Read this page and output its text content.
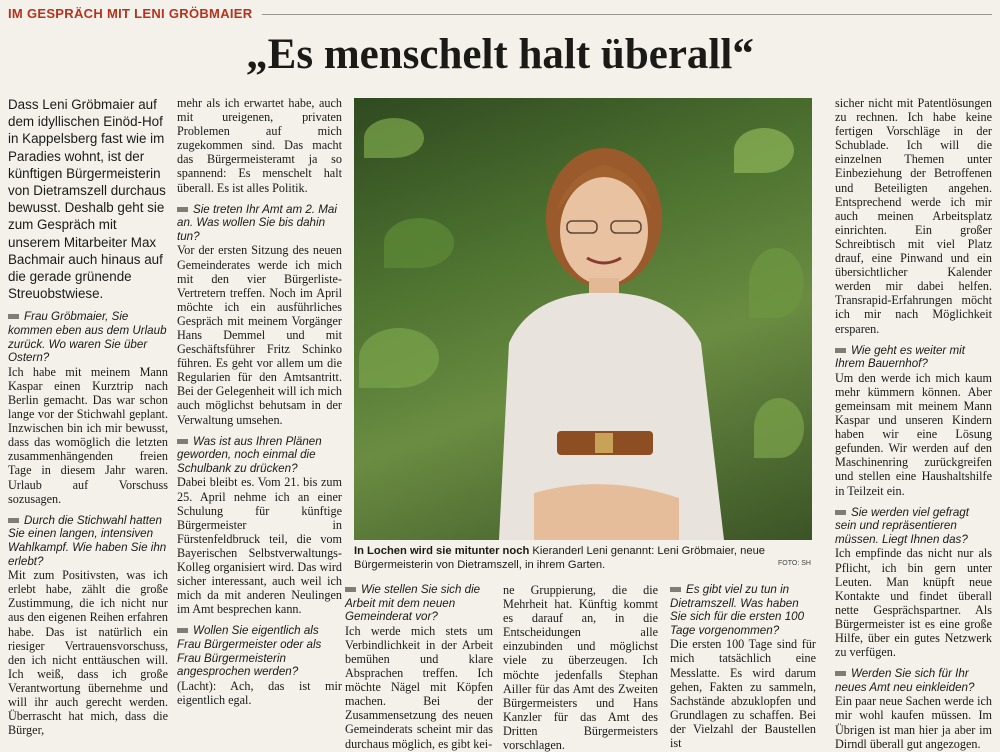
IM GESPRÄCH MIT LENI GRÖBMAIER
„Es menschelt halt überall“

Dass Leni Gröbmaier auf dem idyllischen Einöd-Hof in Kappelsberg fast wie im Paradies wohnt, ist der künftigen Bürgermeisterin von Dietramszell durchaus bewusst. Deshalb geht sie zum Gespräch mit unserem Mitarbeiter Max Bachmair auch hinaus auf die gerade grünende Streuobstwiese.

Frau Gröbmaier, Sie kommen eben aus dem Urlaub zurück. Wo waren Sie über Ostern?

Ich habe mit meinem Mann Kaspar einen Kurztrip nach Berlin gemacht. Das war schon lange vor der Stichwahl geplant. Inzwischen bin ich mir bewusst, dass das womöglich die letzten zusammenhängenden freien Tage in diesem Jahr waren. Urlaub auf Vorschuss sozusagen.

Durch die Stichwahl hatten Sie einen langen, intensiven Wahlkampf. Wie haben Sie ihn erlebt?

Mit zum Positivsten, was ich erlebt habe, zählt die große Zustimmung, die ich nicht nur aus den eigenen Reihen erfahren habe. Das ist natürlich ein riesiger Vertrauensvorschuss, den ich nicht enttäuschen will. Ich weiß, dass ich große Verantwortung übernehme und will ihr auch gerecht werden. Überrascht hat mich, dass die Bürger,

mehr als ich erwartet habe, auch mit ureigenen, privaten Problemen auf mich zugekommen sind. Das macht das Bürgermeisteramt ja so spannend: Es menschelt halt überall. Es ist alles Politik.

Sie treten Ihr Amt am 2. Mai an. Was wollen Sie bis dahin tun?

Vor der ersten Sitzung des neuen Gemeinderates werde ich mich mit den vier Bürgerliste-Vertretern treffen. Noch im April möchte ich ein ausführliches Gespräch mit meinem Vorgänger Hans Demmel und mit Geschäftsführer Fritz Schinko führen. Es geht vor allem um die Regularien für den Amtsantritt. Bei der Gelegenheit will ich mich auch möglichst behutsam in der Verwaltung umsehen.

Was ist aus Ihren Plänen geworden, noch einmal die Schulbank zu drücken?

Dabei bleibt es. Vom 21. bis zum 25. April nehme ich an einer Schulung für künftige Bürgermeister in Fürstenfeldbruck teil, die vom Bayerischen Selbstverwaltungs-Kolleg organisiert wird. Das wird sicher interessant, auch weil ich mich da mit anderen Neulingen im Amt besprechen kann.

Wollen Sie eigentlich als Frau Bürgermeister oder als Frau Bürgermeisterin angesprochen werden?

(Lacht): Ach, das ist mir eigentlich egal.

In Lochen wird sie mitunter noch Kieranderl Leni genannt: Leni Gröbmaier, neue Bürgermeisterin von Dietramszell, in ihrem Garten.	FOTO: SH

Wie stellen Sie sich die Arbeit mit dem neuen Gemeinderat vor?

Ich werde mich stets um Verbindlichkeit in der Arbeit bemühen und klare Absprachen treffen. Ich möchte Nägel mit Köpfen machen. Bei der Zusammensetzung des neuen Gemeinderats scheint mir das durchaus möglich, es gibt kei-

ne Gruppierung, die die Mehrheit hat. Künftig kommt es darauf an, in die Entscheidungen alle einzubinden und möglichst viele zu überzeugen. Ich möchte jedenfalls Stephan Ailler für das Amt des Zweiten Bürgermeisters und Hans Kanzler für das Amt des Dritten Bürgermeisters vorschlagen.

Es gibt viel zu tun in Dietramszell. Was haben Sie sich für die ersten 100 Tage vorgenommen?

Die ersten 100 Tage sind für mich tatsächlich eine Messlatte. Es wird darum gehen, Fakten zu sammeln, Sachstände abzuklopfen und Grundlagen zu schaffen. Bei der Vielzahl der Baustellen ist

sicher nicht mit Patentlösungen zu rechnen. Ich habe keine fertigen Vorschläge in der Schublade. Ich will die einzelnen Themen unter Einbeziehung der Betroffenen und Beteiligten angehen. Entsprechend werde ich mir auch meinen Arbeitsplatz einrichten. Ein großer Schreibtisch mit viel Platz drauf, eine Pinwand und ein übersichtlicher Kalender werden mir dabei helfen. Transrapid-Erfahrungen möcht ich mir nach Möglichkeit ersparen.

Wie geht es weiter mit Ihrem Bauernhof?

Um den werde ich mich kaum mehr kümmern können. Aber gemeinsam mit meinem Mann Kaspar und unseren Kindern haben wir eine Lösung gefunden. Wir werden auf den Maschinenring zurückgreifen und stellen eine Haushaltshilfe in Teilzeit ein.

Sie werden viel gefragt sein und repräsentieren müssen. Liegt Ihnen das?

Ich empfinde das nicht nur als Pflicht, ich bin gern unter Leuten. Man knüpft neue Kontakte und findet überall nette Gesprächspartner. Als Bürgermeister ist es eine große Hilfe, über ein gutes Netzwerk zu verfügen.

Werden Sie sich für Ihr neues Amt neu einkleiden?

Ein paar neue Sachen werde ich mir wohl kaufen müssen. Im Übrigen ist man hier ja aber im Dirndl überall gut angezogen.
